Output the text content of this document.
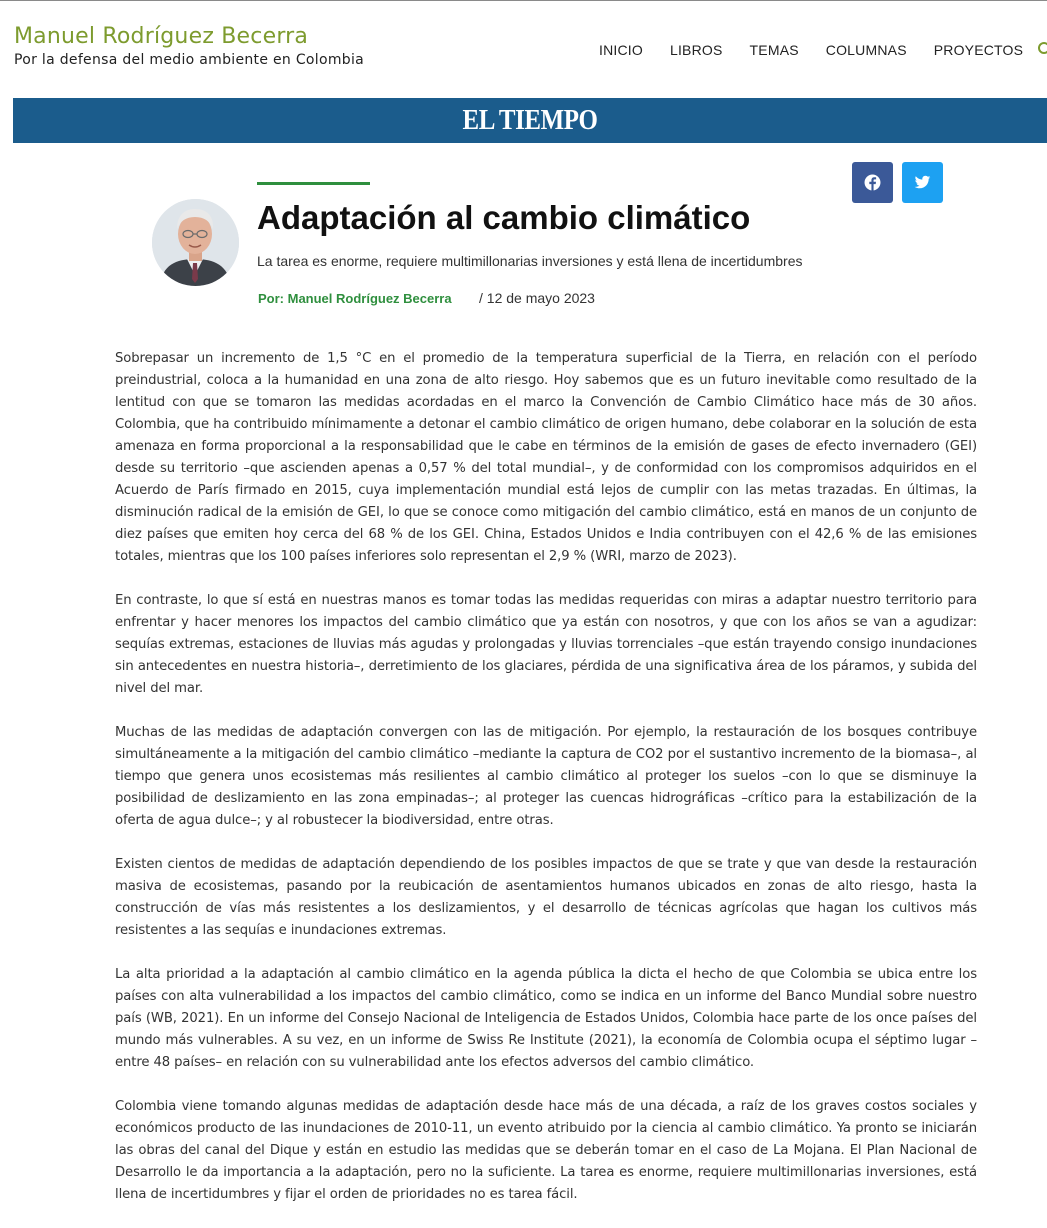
Manuel Rodríguez Becerra
Por la defensa del medio ambiente en Colombia
INICIO LIBROS TEMAS COLUMNAS PROYECTOS
EL TIEMPO
Adaptación al cambio climático
La tarea es enorme, requiere multimillonarias inversiones y está llena de incertidumbres
Por: Manuel Rodríguez Becerra / 12 de mayo 2023

Sobrepasar un incremento de 1,5 °C en el promedio de la temperatura superficial de la Tierra, en relación con el período preindustrial, coloca a la humanidad en una zona de alto riesgo. Hoy sabemos que es un futuro inevitable como resultado de la lentitud con que se tomaron las medidas acordadas en el marco la Convención de Cambio Climático hace más de 30 años. Colombia, que ha contribuido mínimamente a detonar el cambio climático de origen humano, debe colaborar en la solución de esta amenaza en forma proporcional a la responsabilidad que le cabe en términos de la emisión de gases de efecto invernadero (GEI) desde su territorio –que ascienden apenas a 0,57 % del total mundial–, y de conformidad con los compromisos adquiridos en el Acuerdo de París firmado en 2015, cuya implementación mundial está lejos de cumplir con las metas trazadas. En últimas, la disminución radical de la emisión de GEI, lo que se conoce como mitigación del cambio climático, está en manos de un conjunto de diez países que emiten hoy cerca del 68 % de los GEI. China, Estados Unidos e India contribuyen con el 42,6 % de las emisiones totales, mientras que los 100 países inferiores solo representan el 2,9 % (WRI, marzo de 2023).

En contraste, lo que sí está en nuestras manos es tomar todas las medidas requeridas con miras a adaptar nuestro territorio para enfrentar y hacer menores los impactos del cambio climático que ya están con nosotros, y que con los años se van a agudizar: sequías extremas, estaciones de lluvias más agudas y prolongadas y lluvias torrenciales –que están trayendo consigo inundaciones sin antecedentes en nuestra historia–, derretimiento de los glaciares, pérdida de una significativa área de los páramos, y subida del nivel del mar.

Muchas de las medidas de adaptación convergen con las de mitigación. Por ejemplo, la restauración de los bosques contribuye simultáneamente a la mitigación del cambio climático –mediante la captura de CO2 por el sustantivo incremento de la biomasa–, al tiempo que genera unos ecosistemas más resilientes al cambio climático al proteger los suelos –con lo que se disminuye la posibilidad de deslizamiento en las zona empinadas–; al proteger las cuencas hidrográficas –crítico para la estabilización de la oferta de agua dulce–; y al robustecer la biodiversidad, entre otras.

Existen cientos de medidas de adaptación dependiendo de los posibles impactos de que se trate y que van desde la restauración masiva de ecosistemas, pasando por la reubicación de asentamientos humanos ubicados en zonas de alto riesgo, hasta la construcción de vías más resistentes a los deslizamientos, y el desarrollo de técnicas agrícolas que hagan los cultivos más resistentes a las sequías e inundaciones extremas.

La alta prioridad a la adaptación al cambio climático en la agenda pública la dicta el hecho de que Colombia se ubica entre los países con alta vulnerabilidad a los impactos del cambio climático, como se indica en un informe del Banco Mundial sobre nuestro país (WB, 2021). En un informe del Consejo Nacional de Inteligencia de Estados Unidos, Colombia hace parte de los once países del mundo más vulnerables. A su vez, en un informe de Swiss Re Institute (2021), la economía de Colombia ocupa el séptimo lugar –entre 48 países– en relación con su vulnerabilidad ante los efectos adversos del cambio climático.

Colombia viene tomando algunas medidas de adaptación desde hace más de una década, a raíz de los graves costos sociales y económicos producto de las inundaciones de 2010-11, un evento atribuido por la ciencia al cambio climático. Ya pronto se iniciarán las obras del canal del Dique y están en estudio las medidas que se deberán tomar en el caso de La Mojana. El Plan Nacional de Desarrollo le da importancia a la adaptación, pero no la suficiente. La tarea es enorme, requiere multimillonarias inversiones, está llena de incertidumbres y fijar el orden de prioridades no es tarea fácil.
